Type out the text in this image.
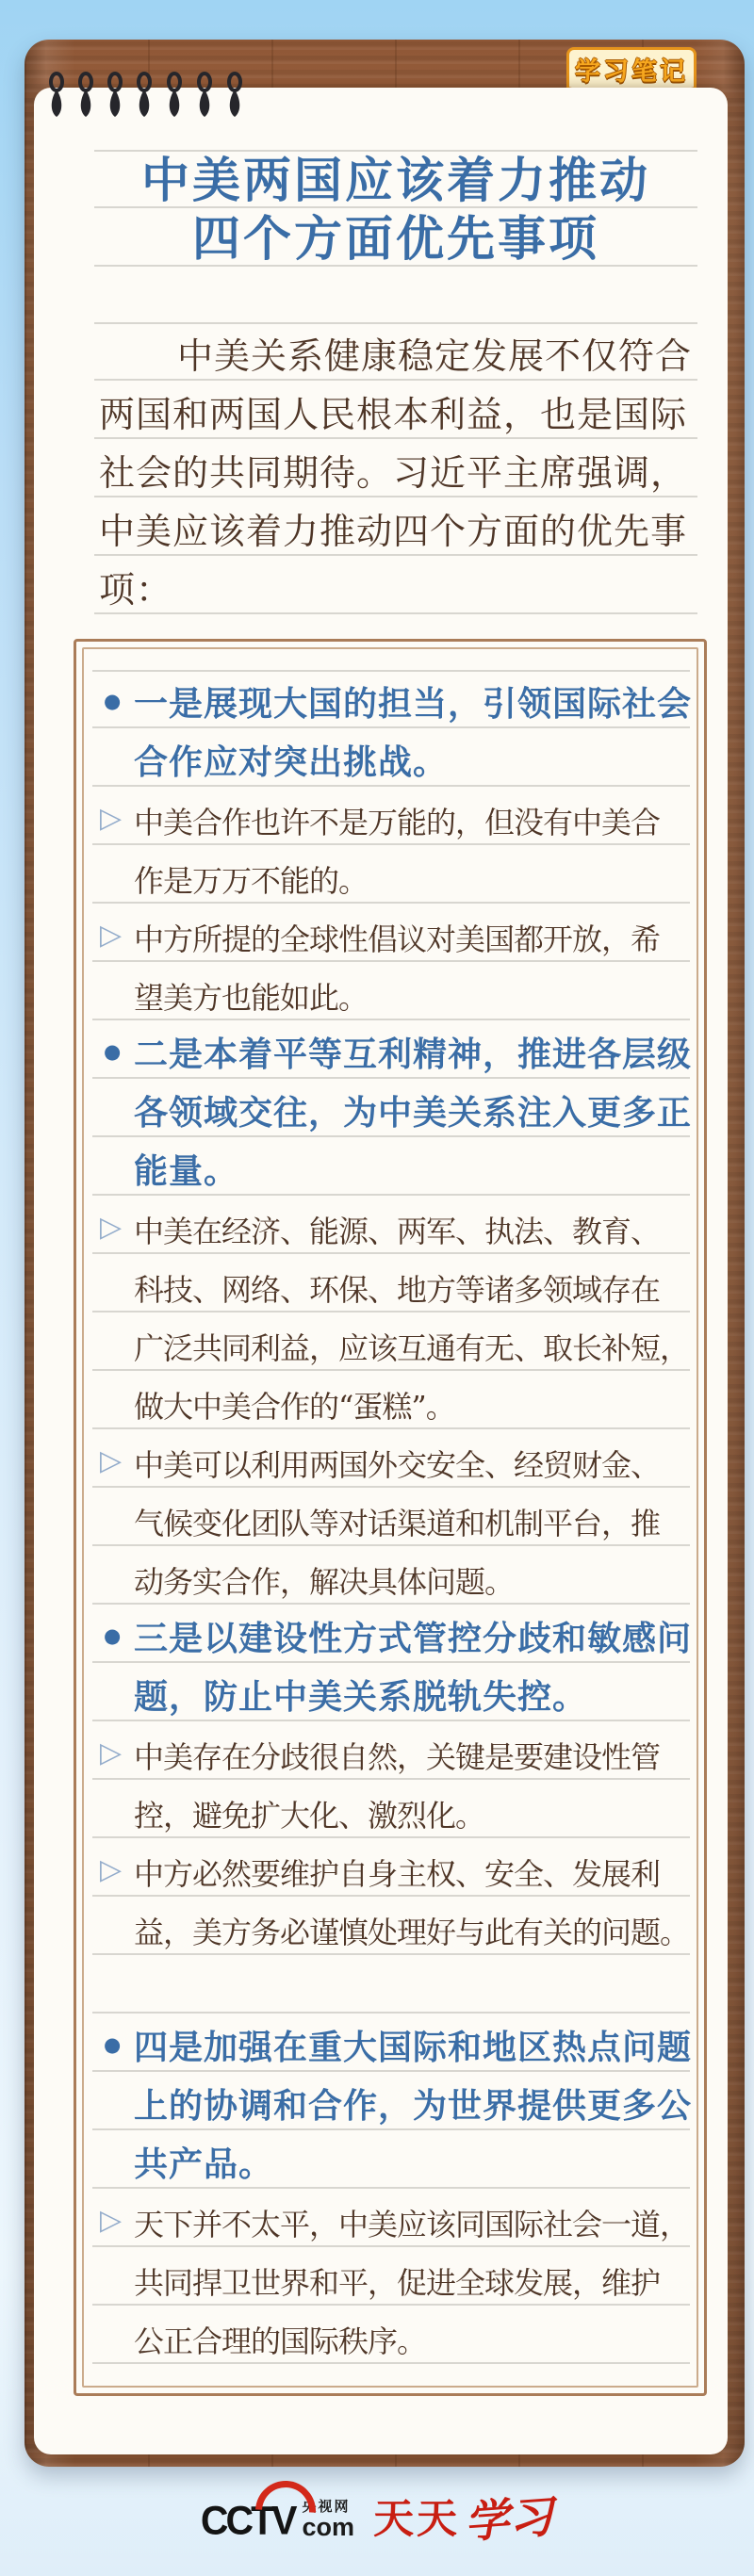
学习笔记
中美两国应该着力推动
四个方面优先事项
中美关系健康稳定发展不仅符合
两国和两国人民根本利益，也是国际
社会的共同期待。习近平主席强调，
中美应该着力推动四个方面的优先事
项：
● 一是展现大国的担当，引领国际社会
合作应对突出挑战。
▷ 中美合作也许不是万能的，但没有中美合
作是万万不能的。
▷ 中方所提的全球性倡议对美国都开放，希
望美方也能如此。
● 二是本着平等互利精神，推进各层级
各领域交往，为中美关系注入更多正
能量。
▷ 中美在经济、能源、两军、执法、教育、
科技、网络、环保、地方等诸多领域存在
广泛共同利益，应该互通有无、取长补短，
做大中美合作的“蛋糕”。
▷ 中美可以利用两国外交安全、经贸财金、
气候变化团队等对话渠道和机制平台，推
动务实合作，解决具体问题。
● 三是以建设性方式管控分歧和敏感问
题，防止中美关系脱轨失控。
▷ 中美存在分歧很自然，关键是要建设性管
控，避免扩大化、激烈化。
▷ 中方必然要维护自身主权、安全、发展利
益，美方务必谨慎处理好与此有关的问题。
● 四是加强在重大国际和地区热点问题
上的协调和合作，为世界提供更多公
共产品。
▷ 天下并不太平，中美应该同国际社会一道，
共同捍卫世界和平，促进全球发展，维护
公正合理的国际秩序。
CCTV 央视网
com 天天 学习
